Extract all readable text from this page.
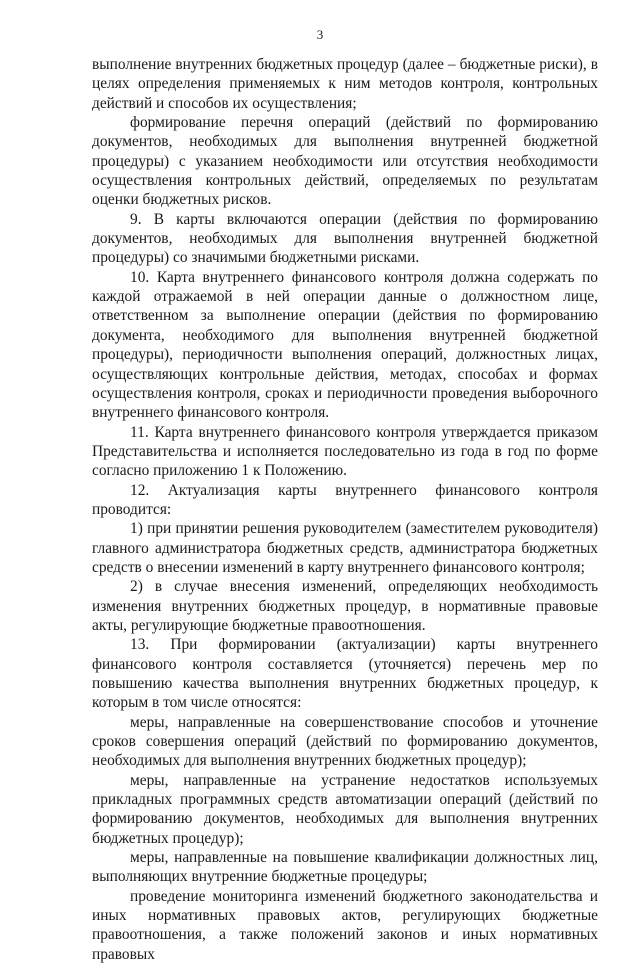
3

выполнение внутренних бюджетных процедур (далее – бюджетные риски), в целях определения применяемых к ним методов контроля, контрольных действий и способов их осуществления;

формирование перечня операций (действий по формированию документов, необходимых для выполнения внутренней бюджетной процедуры) с указанием необходимости или отсутствия необходимости осуществления контрольных действий, определяемых по результатам оценки бюджетных рисков.

9. В карты включаются операции (действия по формированию документов, необходимых для выполнения внутренней бюджетной процедуры) со значимыми бюджетными рисками.

10. Карта внутреннего финансового контроля должна содержать по каждой отражаемой в ней операции данные о должностном лице, ответственном за выполнение операции (действия по формированию документа, необходимого для выполнения внутренней бюджетной процедуры), периодичности выполнения операций, должностных лицах, осуществляющих контрольные действия, методах, способах и формах осуществления контроля, сроках и периодичности проведения выборочного внутреннего финансового контроля.

11. Карта внутреннего финансового контроля утверждается приказом Представительства и исполняется последовательно из года в год по форме согласно приложению 1 к Положению.

12. Актуализация карты внутреннего финансового контроля проводится:

1) при принятии решения руководителем (заместителем руководителя) главного администратора бюджетных средств, администратора бюджетных средств о внесении изменений в карту внутреннего финансового контроля;

2) в случае внесения изменений, определяющих необходимость изменения внутренних бюджетных процедур, в нормативные правовые акты, регулирующие бюджетные правоотношения.

13. При формировании (актуализации) карты внутреннего финансового контроля составляется (уточняется) перечень мер по повышению качества выполнения внутренних бюджетных процедур, к которым в том числе относятся:

меры, направленные на совершенствование способов и уточнение сроков совершения операций (действий по формированию документов, необходимых для выполнения внутренних бюджетных процедур);

меры, направленные на устранение недостатков используемых прикладных программных средств автоматизации операций (действий по формированию документов, необходимых для выполнения внутренних бюджетных процедур);

меры, направленные на повышение квалификации должностных лиц, выполняющих внутренние бюджетные процедуры;

проведение мониторинга изменений бюджетного законодательства и иных нормативных правовых актов, регулирующих бюджетные правоотношения, а также положений законов и иных нормативных правовых
